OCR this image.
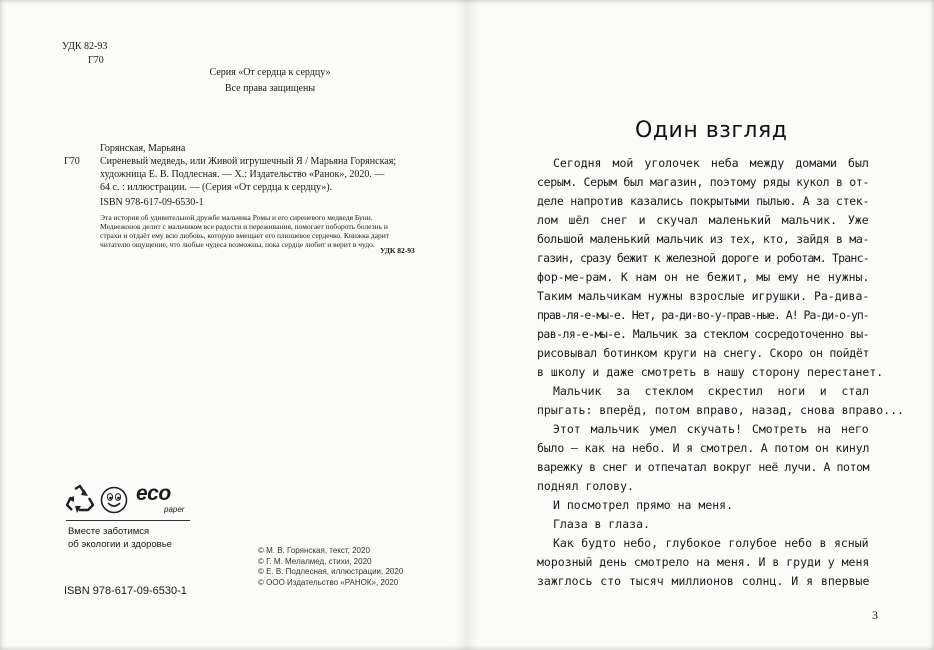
УДК 82-93
Г70
Серия «От сердца к сердцу»
Все права защищены
Горянская, Марьяна
Г70 Сиреневый медведь, или Живой игрушечный Я / Марьяна Горянская;
художница Е. В. Подлесная. — Х.: Издательство «Ранок», 2020. —
64 с. : иллюстрации. — (Серия «От сердца к сердцу»).
ISBN 978-617-09-6530-1
Эта история об удивительной дружбе мальчика Ромы и его сиреневого медведя Буни.
Медвежонок делит с мальчиком все радости и переживания, помогает побороть болезнь и
страхи и отдаёт ему всю любовь, которую вмещает его плюшевое сердечко. Книжка дарит
читателю ощущение, что любые чудеса возможны, пока сердце любит и верит в чудо.
УДК 82-93
eco
paper
Вместе заботимся
об экологии и здоровье
ISBN 978-617-09-6530-1
© М. В. Горянская, текст, 2020
© Г. М. Мелалмед, стихи, 2020
© Е. В. Подлесная, иллюстрации, 2020
© ООО Издательство «РАНОК», 2020
Один взгляд
Сегодня мой уголочек неба между домами был
серым. Серым был магазин, поэтому ряды кукол в от-
деле напротив казались покрытыми пылью. А за стек-
лом шёл снег и скучал маленький мальчик. Уже
большой маленький мальчик из тех, кто, зайдя в ма-
газин, сразу бежит к железной дороге и роботам. Транс-
фор-ме-рам. К нам он не бежит, мы ему не нужны.
Таким мальчикам нужны взрослые игрушки. Ра-дива-
прав-ля-е-мы-е. Нет, ра-ди-во-у-прав-ные. А! Ра-ди-о-уп-
рав-ля-е-мы-е. Мальчик за стеклом сосредоточенно вы-
рисовывал ботинком круги на снегу. Скоро он пойдёт
в школу и даже смотреть в нашу сторону перестанет.
Мальчик за стеклом скрестил ноги и стал
прыгать: вперёд, потом вправо, назад, снова вправо...
Этот мальчик умел скучать! Смотреть на него
было — как на небо. И я смотрел. А потом он кинул
варежку в снег и отпечатал вокруг неё лучи. А потом
поднял голову.
И посмотрел прямо на меня.
Глаза в глаза.
Как будто небо, глубокое голубое небо в ясный
морозный день смотрело на меня. И в груди у меня
зажглось сто тысяч миллионов солнц. И я впервые
3
